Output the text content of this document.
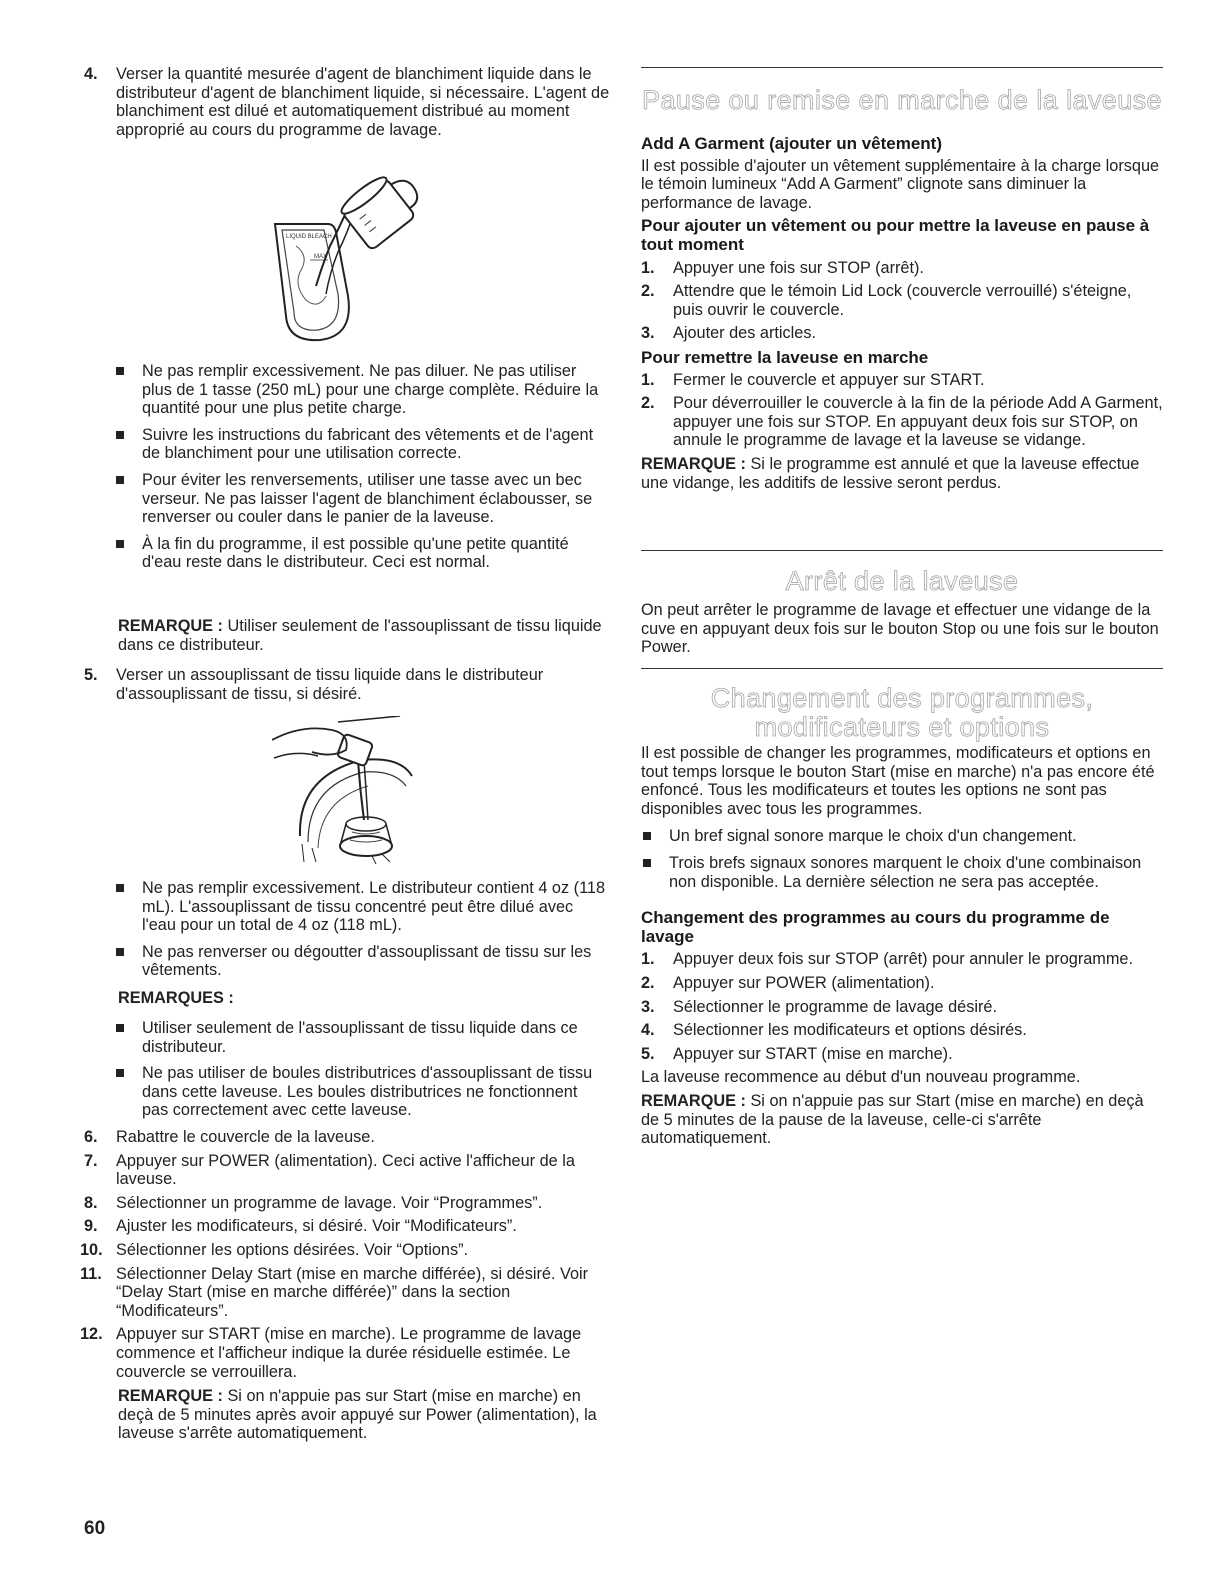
4. Verser la quantité mesurée d'agent de blanchiment liquide dans le distributeur d'agent de blanchiment liquide, si nécessaire. L'agent de blanchiment est dilué et automatiquement distribué au moment approprié au cours du programme de lavage.

LIQUID BLEACH
MAX

Ne pas remplir excessivement. Ne pas diluer. Ne pas utiliser plus de 1 tasse (250 mL) pour une charge complète. Réduire la quantité pour une plus petite charge.

Suivre les instructions du fabricant des vêtements et de l'agent de blanchiment pour une utilisation correcte.

Pour éviter les renversements, utiliser une tasse avec un bec verseur. Ne pas laisser l'agent de blanchiment éclabousser, se renverser ou couler dans le panier de la laveuse.

À la fin du programme, il est possible qu'une petite quantité d'eau reste dans le distributeur. Ceci est normal.

REMARQUE : Utiliser seulement de l'assouplissant de tissu liquide dans ce distributeur.

5. Verser un assouplissant de tissu liquide dans le distributeur d'assouplissant de tissu, si désiré.

Ne pas remplir excessivement. Le distributeur contient 4 oz (118 mL). L'assouplissant de tissu concentré peut être dilué avec l'eau pour un total de 4 oz (118 mL).

Ne pas renverser ou dégoutter d'assouplissant de tissu sur les vêtements.

REMARQUES :

Utiliser seulement de l'assouplissant de tissu liquide dans ce distributeur.

Ne pas utiliser de boules distributrices d'assouplissant de tissu dans cette laveuse. Les boules distributrices ne fonctionnent pas correctement avec cette laveuse.

6. Rabattre le couvercle de la laveuse.

7. Appuyer sur POWER (alimentation). Ceci active l'afficheur de la laveuse.

8. Sélectionner un programme de lavage. Voir “Programmes”.

9. Ajuster les modificateurs, si désiré. Voir “Modificateurs”.

10. Sélectionner les options désirées. Voir “Options”.

11. Sélectionner Delay Start (mise en marche différée), si désiré. Voir “Delay Start (mise en marche différée)” dans la section “Modificateurs”.

12. Appuyer sur START (mise en marche). Le programme de lavage commence et l'afficheur indique la durée résiduelle estimée. Le couvercle se verrouillera.

REMARQUE : Si on n'appuie pas sur Start (mise en marche) en deçà de 5 minutes après avoir appuyé sur Power (alimentation), la laveuse s'arrête automatiquement.

Pause ou remise en marche de la laveuse

Add A Garment (ajouter un vêtement)

Il est possible d'ajouter un vêtement supplémentaire à la charge lorsque le témoin lumineux “Add A Garment” clignote sans diminuer la performance de lavage.

Pour ajouter un vêtement ou pour mettre la laveuse en pause à tout moment

1. Appuyer une fois sur STOP (arrêt).

2. Attendre que le témoin Lid Lock (couvercle verrouillé) s'éteigne, puis ouvrir le couvercle.

3. Ajouter des articles.

Pour remettre la laveuse en marche

1. Fermer le couvercle et appuyer sur START.

2. Pour déverrouiller le couvercle à la fin de la période Add A Garment, appuyer une fois sur STOP. En appuyant deux fois sur STOP, on annule le programme de lavage et la laveuse se vidange.

REMARQUE : Si le programme est annulé et que la laveuse effectue une vidange, les additifs de lessive seront perdus.

Arrêt de la laveuse

On peut arrêter le programme de lavage et effectuer une vidange de la cuve en appuyant deux fois sur le bouton Stop ou une fois sur le bouton Power.

Changement des programmes,
modificateurs et options

Il est possible de changer les programmes, modificateurs et options en tout temps lorsque le bouton Start (mise en marche) n'a pas encore été enfoncé. Tous les modificateurs et toutes les options ne sont pas disponibles avec tous les programmes.

Un bref signal sonore marque le choix d'un changement.

Trois brefs signaux sonores marquent le choix d'une combinaison non disponible. La dernière sélection ne sera pas acceptée.

Changement des programmes au cours du programme de lavage

1. Appuyer deux fois sur STOP (arrêt) pour annuler le programme.

2. Appuyer sur POWER (alimentation).

3. Sélectionner le programme de lavage désiré.

4. Sélectionner les modificateurs et options désirés.

5. Appuyer sur START (mise en marche).

La laveuse recommence au début d'un nouveau programme.

REMARQUE : Si on n'appuie pas sur Start (mise en marche) en deçà de 5 minutes de la pause de la laveuse, celle-ci s'arrête automatiquement.

60
